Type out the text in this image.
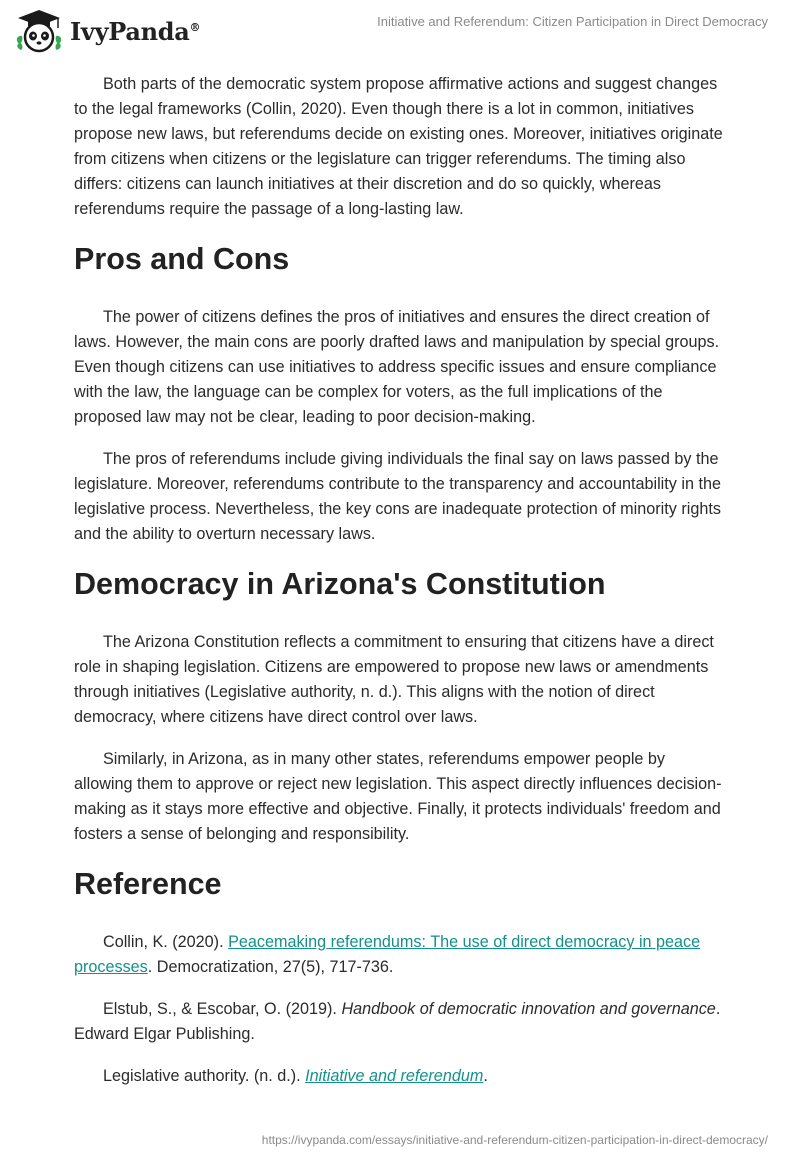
IvyPanda®	Initiative and Referendum: Citizen Participation in Direct Democracy

Both parts of the democratic system propose affirmative actions and suggest changes to the legal frameworks (Collin, 2020). Even though there is a lot in common, initiatives propose new laws, but referendums decide on existing ones. Moreover, initiatives originate from citizens when citizens or the legislature can trigger referendums. The timing also differs: citizens can launch initiatives at their discretion and do so quickly, whereas referendums require the passage of a long-lasting law.

Pros and Cons

The power of citizens defines the pros of initiatives and ensures the direct creation of laws. However, the main cons are poorly drafted laws and manipulation by special groups. Even though citizens can use initiatives to address specific issues and ensure compliance with the law, the language can be complex for voters, as the full implications of the proposed law may not be clear, leading to poor decision-making.

The pros of referendums include giving individuals the final say on laws passed by the legislature. Moreover, referendums contribute to the transparency and accountability in the legislative process. Nevertheless, the key cons are inadequate protection of minority rights and the ability to overturn necessary laws.

Democracy in Arizona's Constitution

The Arizona Constitution reflects a commitment to ensuring that citizens have a direct role in shaping legislation. Citizens are empowered to propose new laws or amendments through initiatives (Legislative authority, n. d.). This aligns with the notion of direct democracy, where citizens have direct control over laws.

Similarly, in Arizona, as in many other states, referendums empower people by allowing them to approve or reject new legislation. This aspect directly influences decision-making as it stays more effective and objective. Finally, it protects individuals' freedom and fosters a sense of belonging and responsibility.

Reference
Collin, K. (2020). Peacemaking referendums: The use of direct democracy in peace processes. Democratization, 27(5), 717-736.
Elstub, S., & Escobar, O. (2019). Handbook of democratic innovation and governance. Edward Elgar Publishing.
Legislative authority. (n. d.). Initiative and referendum.
https://ivypanda.com/essays/initiative-and-referendum-citizen-participation-in-direct-democracy/
